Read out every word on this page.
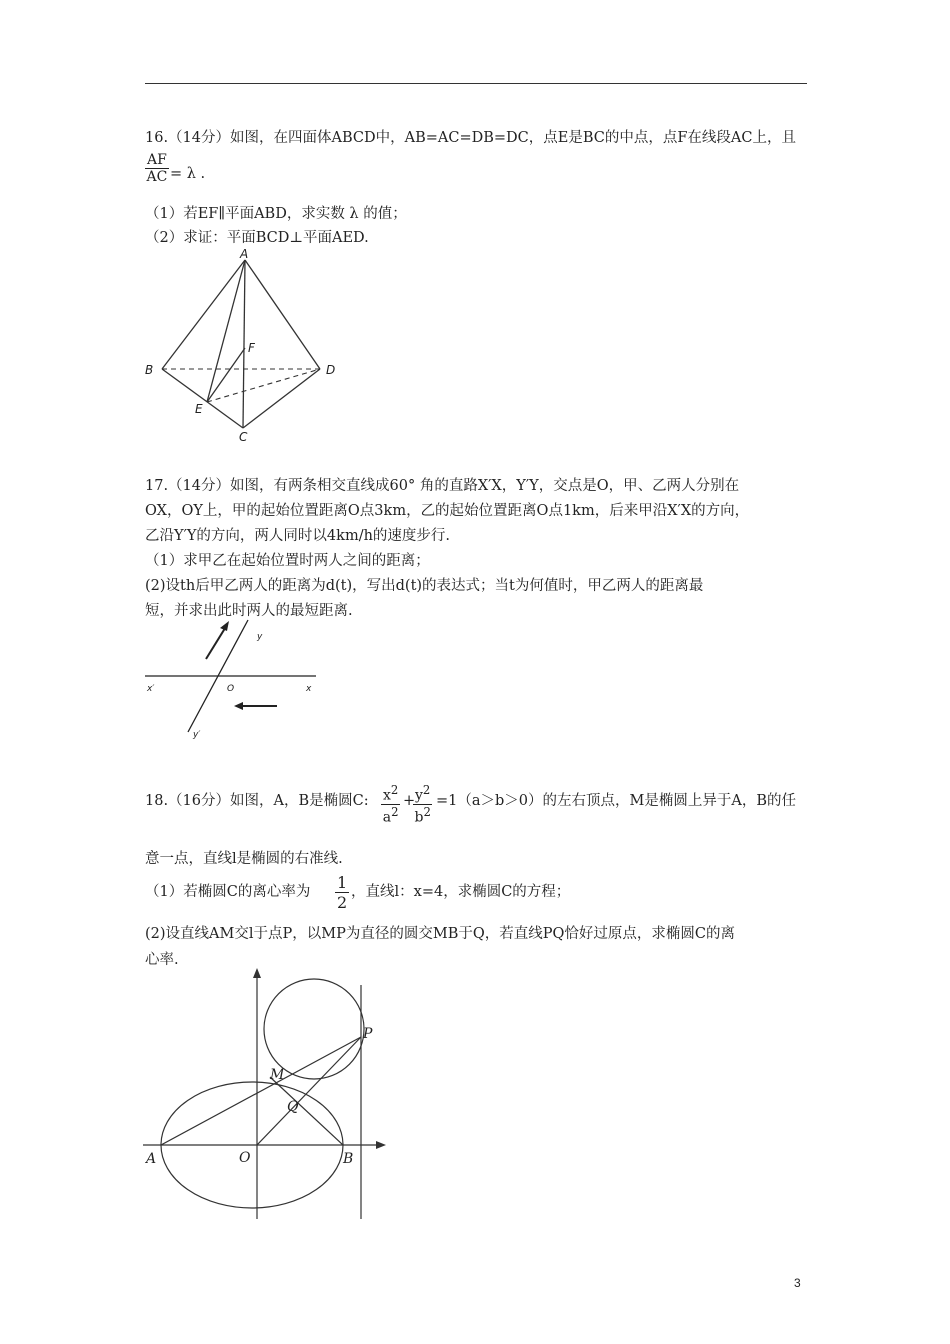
16.（14分）如图，在四面体ABCD中，AB=AC=DB=DC，点E是BC的中点，点F在线段AC上，且
$\frac{AF}{AC} = \lambda$ .
（1）若EF∥平面ABD，求实数 λ 的值；
（2）求证：平面BCD⊥平面AED.
A
B
C
D
E
F
17.（14分）如图，有两条相交直线成60° 角的直路X′X，Y′Y，交点是O，甲、乙两人分别在
OX，OY上，甲的起始位置距离O点3km，乙的起始位置距离O点1km，后来甲沿X′X的方向，
乙沿Y′Y的方向，两人同时以4km/h的速度步行.
（1）求甲乙在起始位置时两人之间的距离；
(2)设th后甲乙两人的距离为d(t)，写出d(t)的表达式；当t为何值时，甲乙两人的距离最
短，并求出此时两人的最短距离.
x′	O	x
y
y′
18.（16分）如图，A，B是椭圆C: $\frac{x^2}{a^2}$ +
$\frac{y^2}{b^2} =1(a>b>0)$的左右顶点，M是椭圆上异于A，B的任
意一点，直线l是椭圆的右准线.
（1）若椭圆C的离心率为 $\frac{1}{2}$ ，直线l：x=4，求椭圆C的方程；
(2)设直线AM交l于点P，以MP为直径的圆交MB于Q，若直线PQ恰好过原点，求椭圆C的离
心率.
A	O	B
M
P
Q
3
